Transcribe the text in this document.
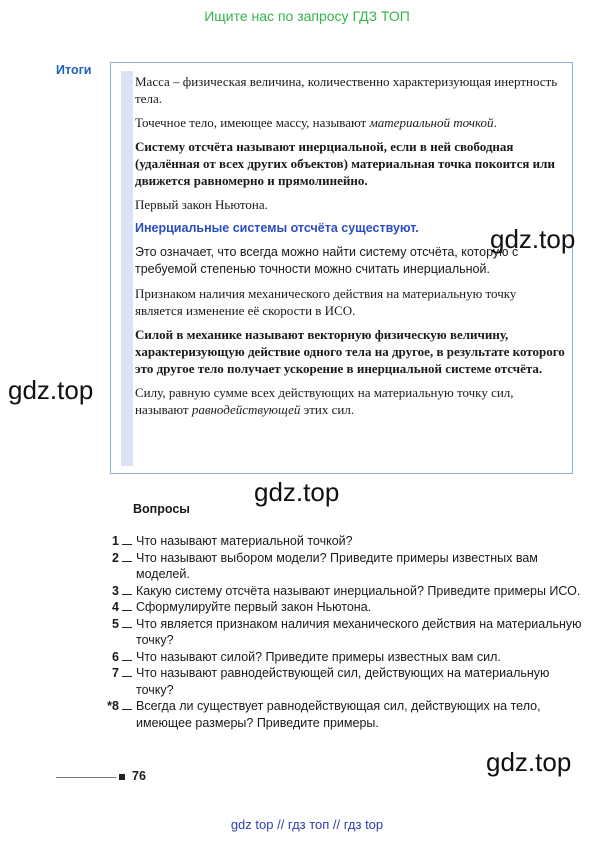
Ищите нас по запросу ГДЗ ТОП
Итоги

Масса – физическая величина, количественно характеризующая инертность тела.

Точечное тело, имеющее массу, называют материальной точкой.

Систему отсчёта называют инерциальной, если в ней свободная (удалённая от всех других объектов) материальная точка покоится или движется равномерно и прямолинейно.

Первый закон Ньютона.

Инерциальные системы отсчёта существуют.

Это означает, что всегда можно найти систему отсчёта, которую с требуемой степенью точности можно считать инерциальной.

Признаком наличия механического действия на материальную точку является изменение её скорости в ИСО.

Силой в механике называют векторную физическую величину, характеризующую действие одного тела на другое, в результате которого это другое тело получает ускорение в инерциальной системе отсчёта.

Силу, равную сумме всех действующих на материальную точку сил, называют равнодействующей этих сил.

gdz.top
gdz.top
gdz.top
gdz.top
Вопросы
1 Что называют материальной точкой?
2 Что называют выбором модели? Приведите примеры известных вам моделей.
3 Какую систему отсчёта называют инерциальной? Приведите примеры ИСО.
4 Сформулируйте первый закон Ньютона.
5 Что является признаком наличия механического действия на материальную точку?
6 Что называют силой? Приведите примеры известных вам сил.
7 Что называют равнодействующей сил, действующих на материальную точку?
*8 Всегда ли существует равнодействующая сил, действующих на тело, имеющее размеры? Приведите примеры.
76
gdz top // гдз топ // гдз top
